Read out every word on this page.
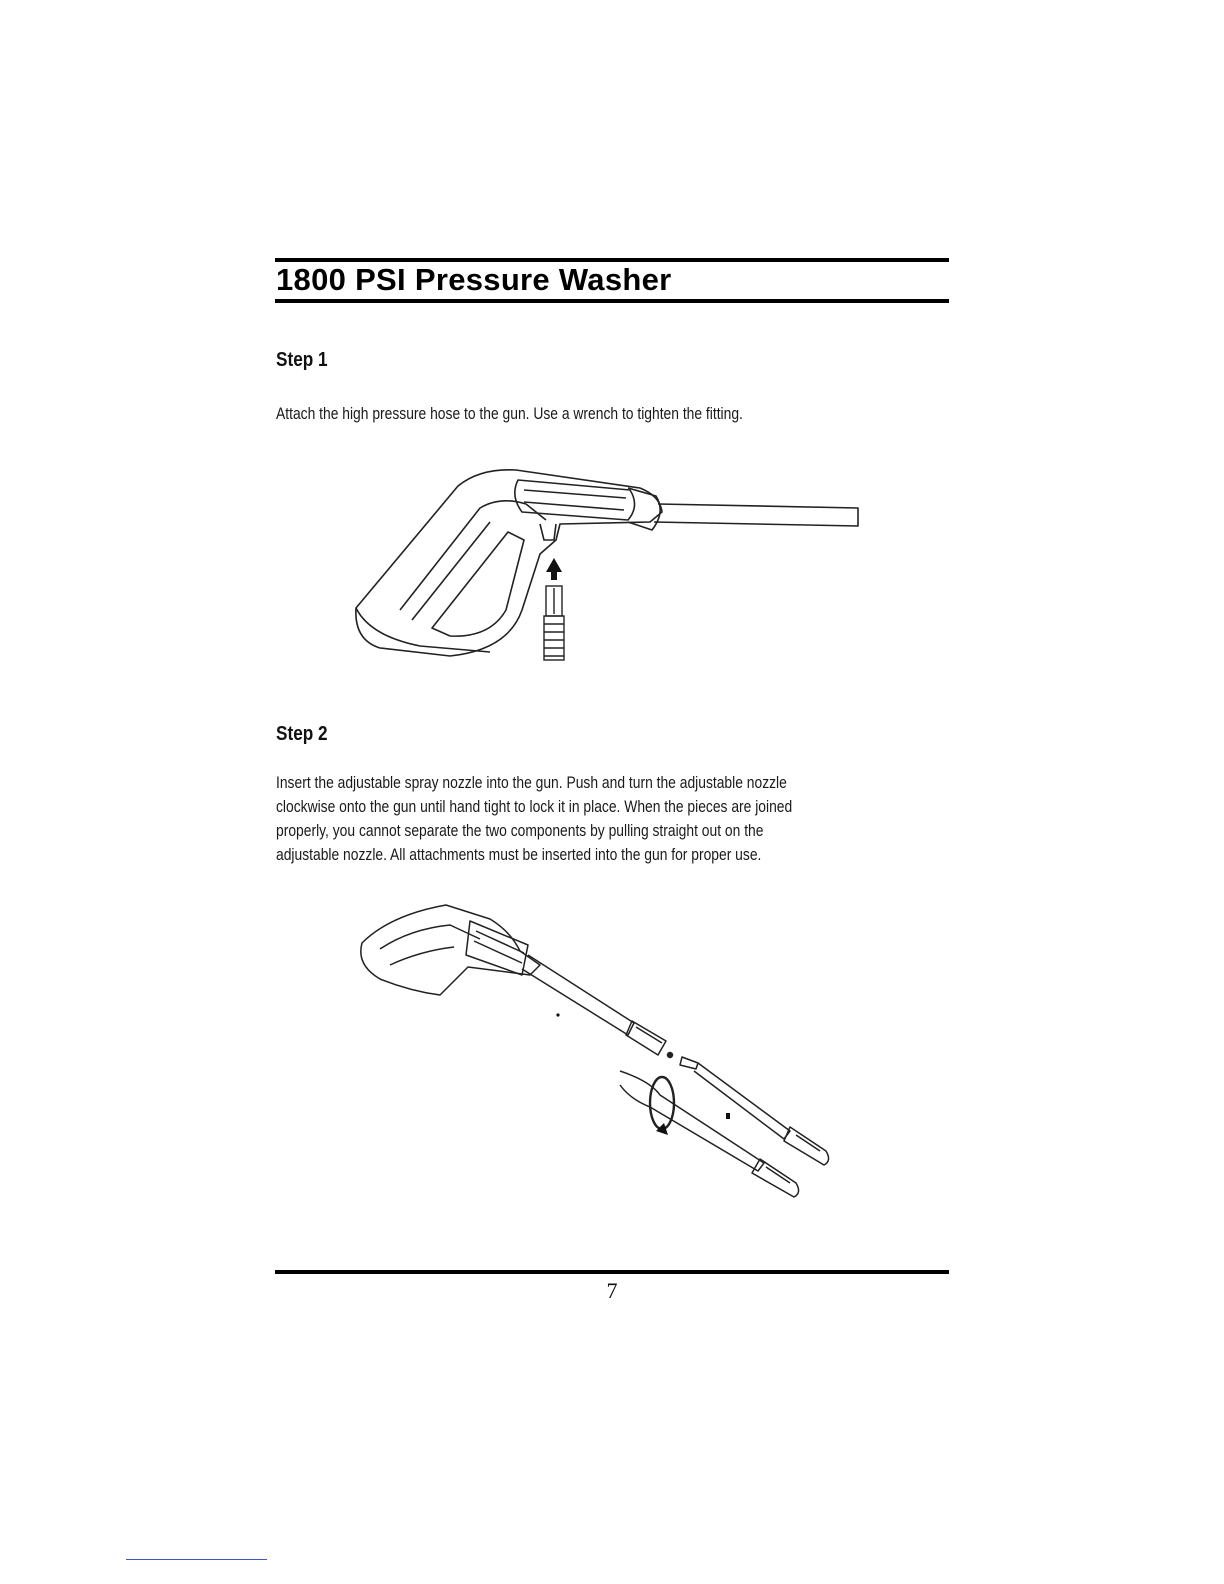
1800 PSI Pressure Washer
Step 1

Attach the high pressure hose to the gun. Use a wrench to tighten the fitting.

Step 2

Insert the adjustable spray nozzle into the gun. Push and turn the adjustable nozzle
clockwise onto the gun until hand tight to lock it in place. When the pieces are joined
properly, you cannot separate the two components by pulling straight out on the
adjustable nozzle. All attachments must be inserted into the gun for proper use.

7
